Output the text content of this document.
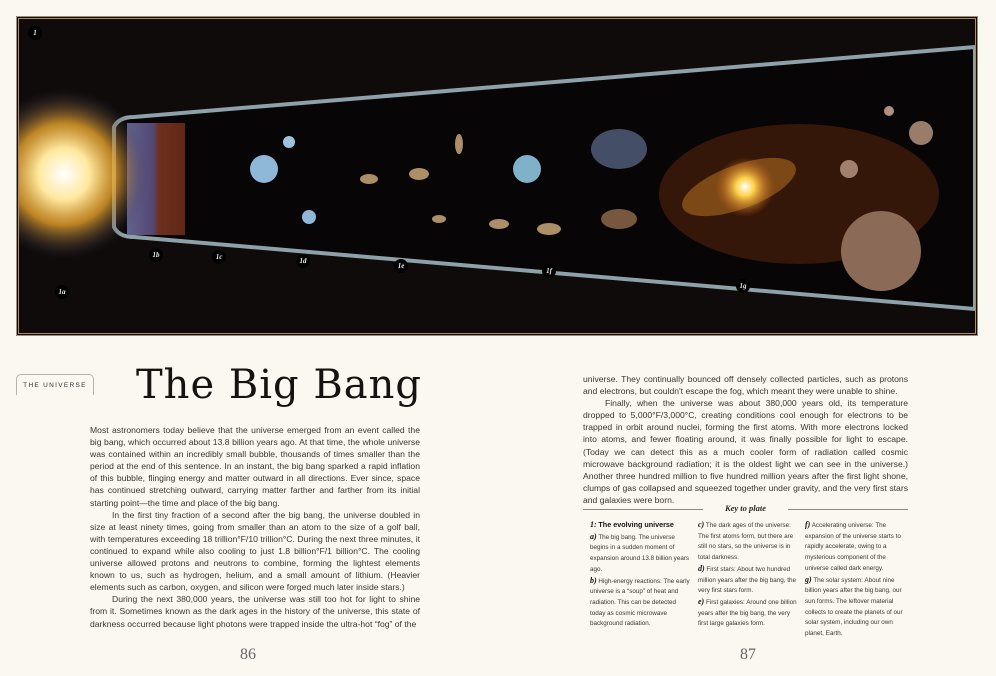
1
1a
1b	1c	1d
1e
1f
1g
THE UNIVERSE The Big Bang

Most astronomers today believe that the universe emerged from an event called the big bang, which occurred about 13.8 billion years ago. At that time, the whole universe was contained within an incredibly small bubble, thousands of times smaller than the period at the end of this sentence. In an instant, the big bang sparked a rapid inflation of this bubble, flinging energy and matter outward in all directions. Ever since, space has continued stretching outward, carrying matter farther and farther from its initial starting point—the time and place of the big bang.

In the first tiny fraction of a second after the big bang, the universe doubled in size at least ninety times, going from smaller than an atom to the size of a golf ball, with temperatures exceeding 18 trillion°F/10 trillion°C. During the next three minutes, it continued to expand while also cooling to just 1.8 billion°F/1 billion°C. The cooling universe allowed protons and neutrons to combine, forming the lightest elements known to us, such as hydrogen, helium, and a small amount of lithium. (Heavier elements such as carbon, oxygen, and silicon were forged much later inside stars.)

During the next 380,000 years, the universe was still too hot for light to shine from it. Sometimes known as the dark ages in the history of the universe, this state of darkness occurred because light photons were trapped inside the ultra-hot “fog” of the

universe. They continually bounced off densely collected particles, such as protons and electrons, but couldn't escape the fog, which meant they were unable to shine.

Finally, when the universe was about 380,000 years old, its temperature dropped to 5,000°F/3,000°C, creating conditions cool enough for electrons to be trapped in orbit around nuclei, forming the first atoms. With more electrons locked into atoms, and fewer floating around, it was finally possible for light to escape. (Today we can detect this as a much cooler form of radiation called cosmic microwave background radiation; it is the oldest light we can see in the universe.) Another three hundred million to five hundred million years after the first light shone, clumps of gas collapsed and squeezed together under gravity, and the very first stars and galaxies were born.

Key to plate
1: The evolving universe
a) The big bang. The universe begins in a sudden moment of expansion around 13.8 billion years ago.
b) High-energy reactions: The early universe is a “soup” of heat and radiation. This can be detected today as cosmic microwave background radiation.
c) The dark ages of the universe: The first atoms form, but there are still no stars, so the universe is in total darkness.
d) First stars: About two hundred million years after the big bang, the very first stars form.
e) First galaxies: Around one billion years after the big bang, the very first large galaxies form.
f) Accelerating universe: The expansion of the universe starts to rapidly accelerate, owing to a mysterious component of the universe called dark energy.
g) The solar system: About nine billion years after the big bang, our sun forms. The leftover material collects to create the planets of our solar system, including our own planet, Earth.
86	87
